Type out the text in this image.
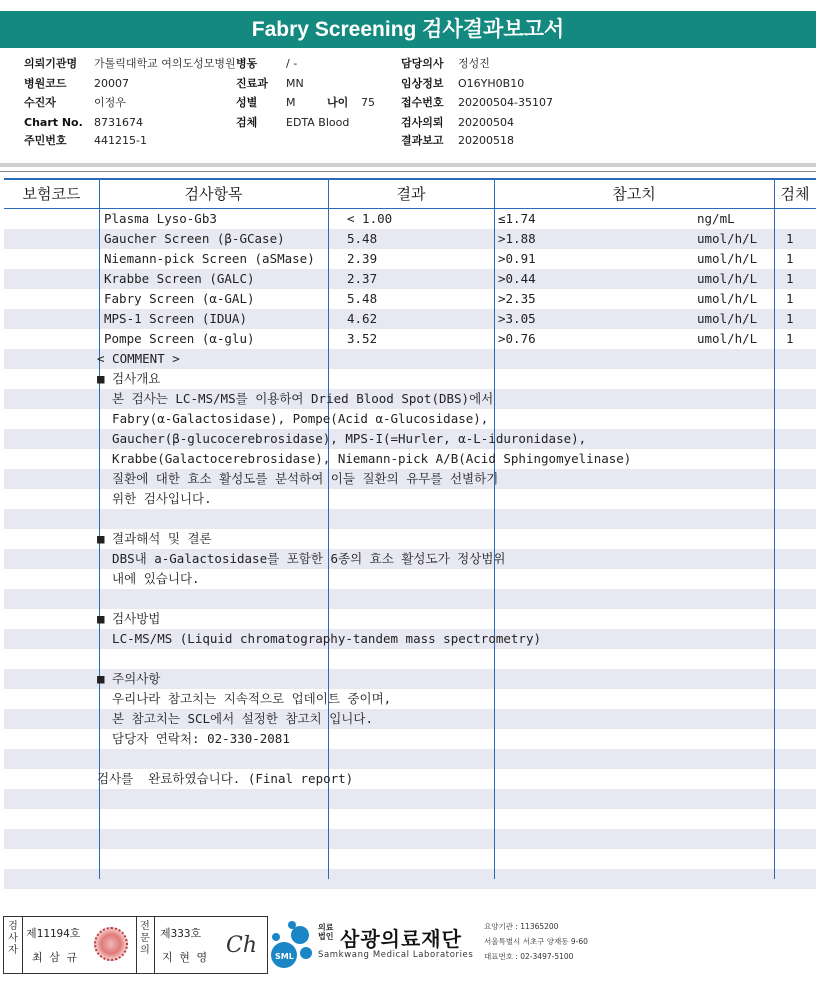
Fabry Screening 검사결과보고서
의뢰기관명 가톨릭대학교 여의도성모병원 병동	/ -	담당의사 정성진
병원코드 20007	진료과 MN	임상정보 O16YH0B10
수진자	이정우	성별	M	나이 75 접수번호 20200504-35107
Chart No. 8731674	검체	EDTA Blood	검사의뢰 20200504
주민번호 441215-1	결과보고 20200518
보험코드	검사항목	결과	참고치	검체
Plasma Lyso-Gb3	< 1.00	≤1.74	ng/mL
Gaucher Screen (β-GCase)	5.48	>1.88	umol/h/L 1
Niemann-pick Screen (aSMase)	2.39	>0.91	umol/h/L 1
Krabbe Screen (GALC)	2.37	>0.44	umol/h/L 1
Fabry Screen (α-GAL)	5.48	>2.35	umol/h/L 1
MPS-1 Screen (IDUA)	4.62	>3.05	umol/h/L 1
Pompe Screen (α-glu)	3.52	>0.76	umol/h/L 1
< COMMENT >
■ 검사개요
본 검사는 LC-MS/MS를 이용하여 Dried Blood Spot(DBS)에서
Fabry(α-Galactosidase), Pompe(Acid α-Glucosidase),
Gaucher(β-glucocerebrosidase), MPS-I(=Hurler, α-L-iduronidase),
Krabbe(Galactocerebrosidase), Niemann-pick A/B(Acid Sphingomyelinase)
질환에 대한 효소 활성도를 분석하여 이들 질환의 유무를 선별하기
위한 검사입니다.
■ 결과해석 및 결론
DBS내 a-Galactosidase를 포함한 6종의 효소 활성도가 정상범위
내에 있습니다.
■ 검사방법
LC-MS/MS (Liquid chromatography-tandem mass spectrometry)
■ 주의사항
우리나라 참고치는 지속적으로 업데이트 중이며,
본 참고치는 SCL에서 설정한 참고치 입니다.
담당자 연락처: 02-330-2081
검사를  완료하였습니다. (Final report)
검사자
제11194호
최 삼 규
전문의
제333호
지 현 영 Ch SML
의료법인 삼광의료재단
Samkwang Medical Laboratories
요양기관 : 11365200
서울특별시 서초구 양재동 9-60
대표번호 : 02-3497-5100
